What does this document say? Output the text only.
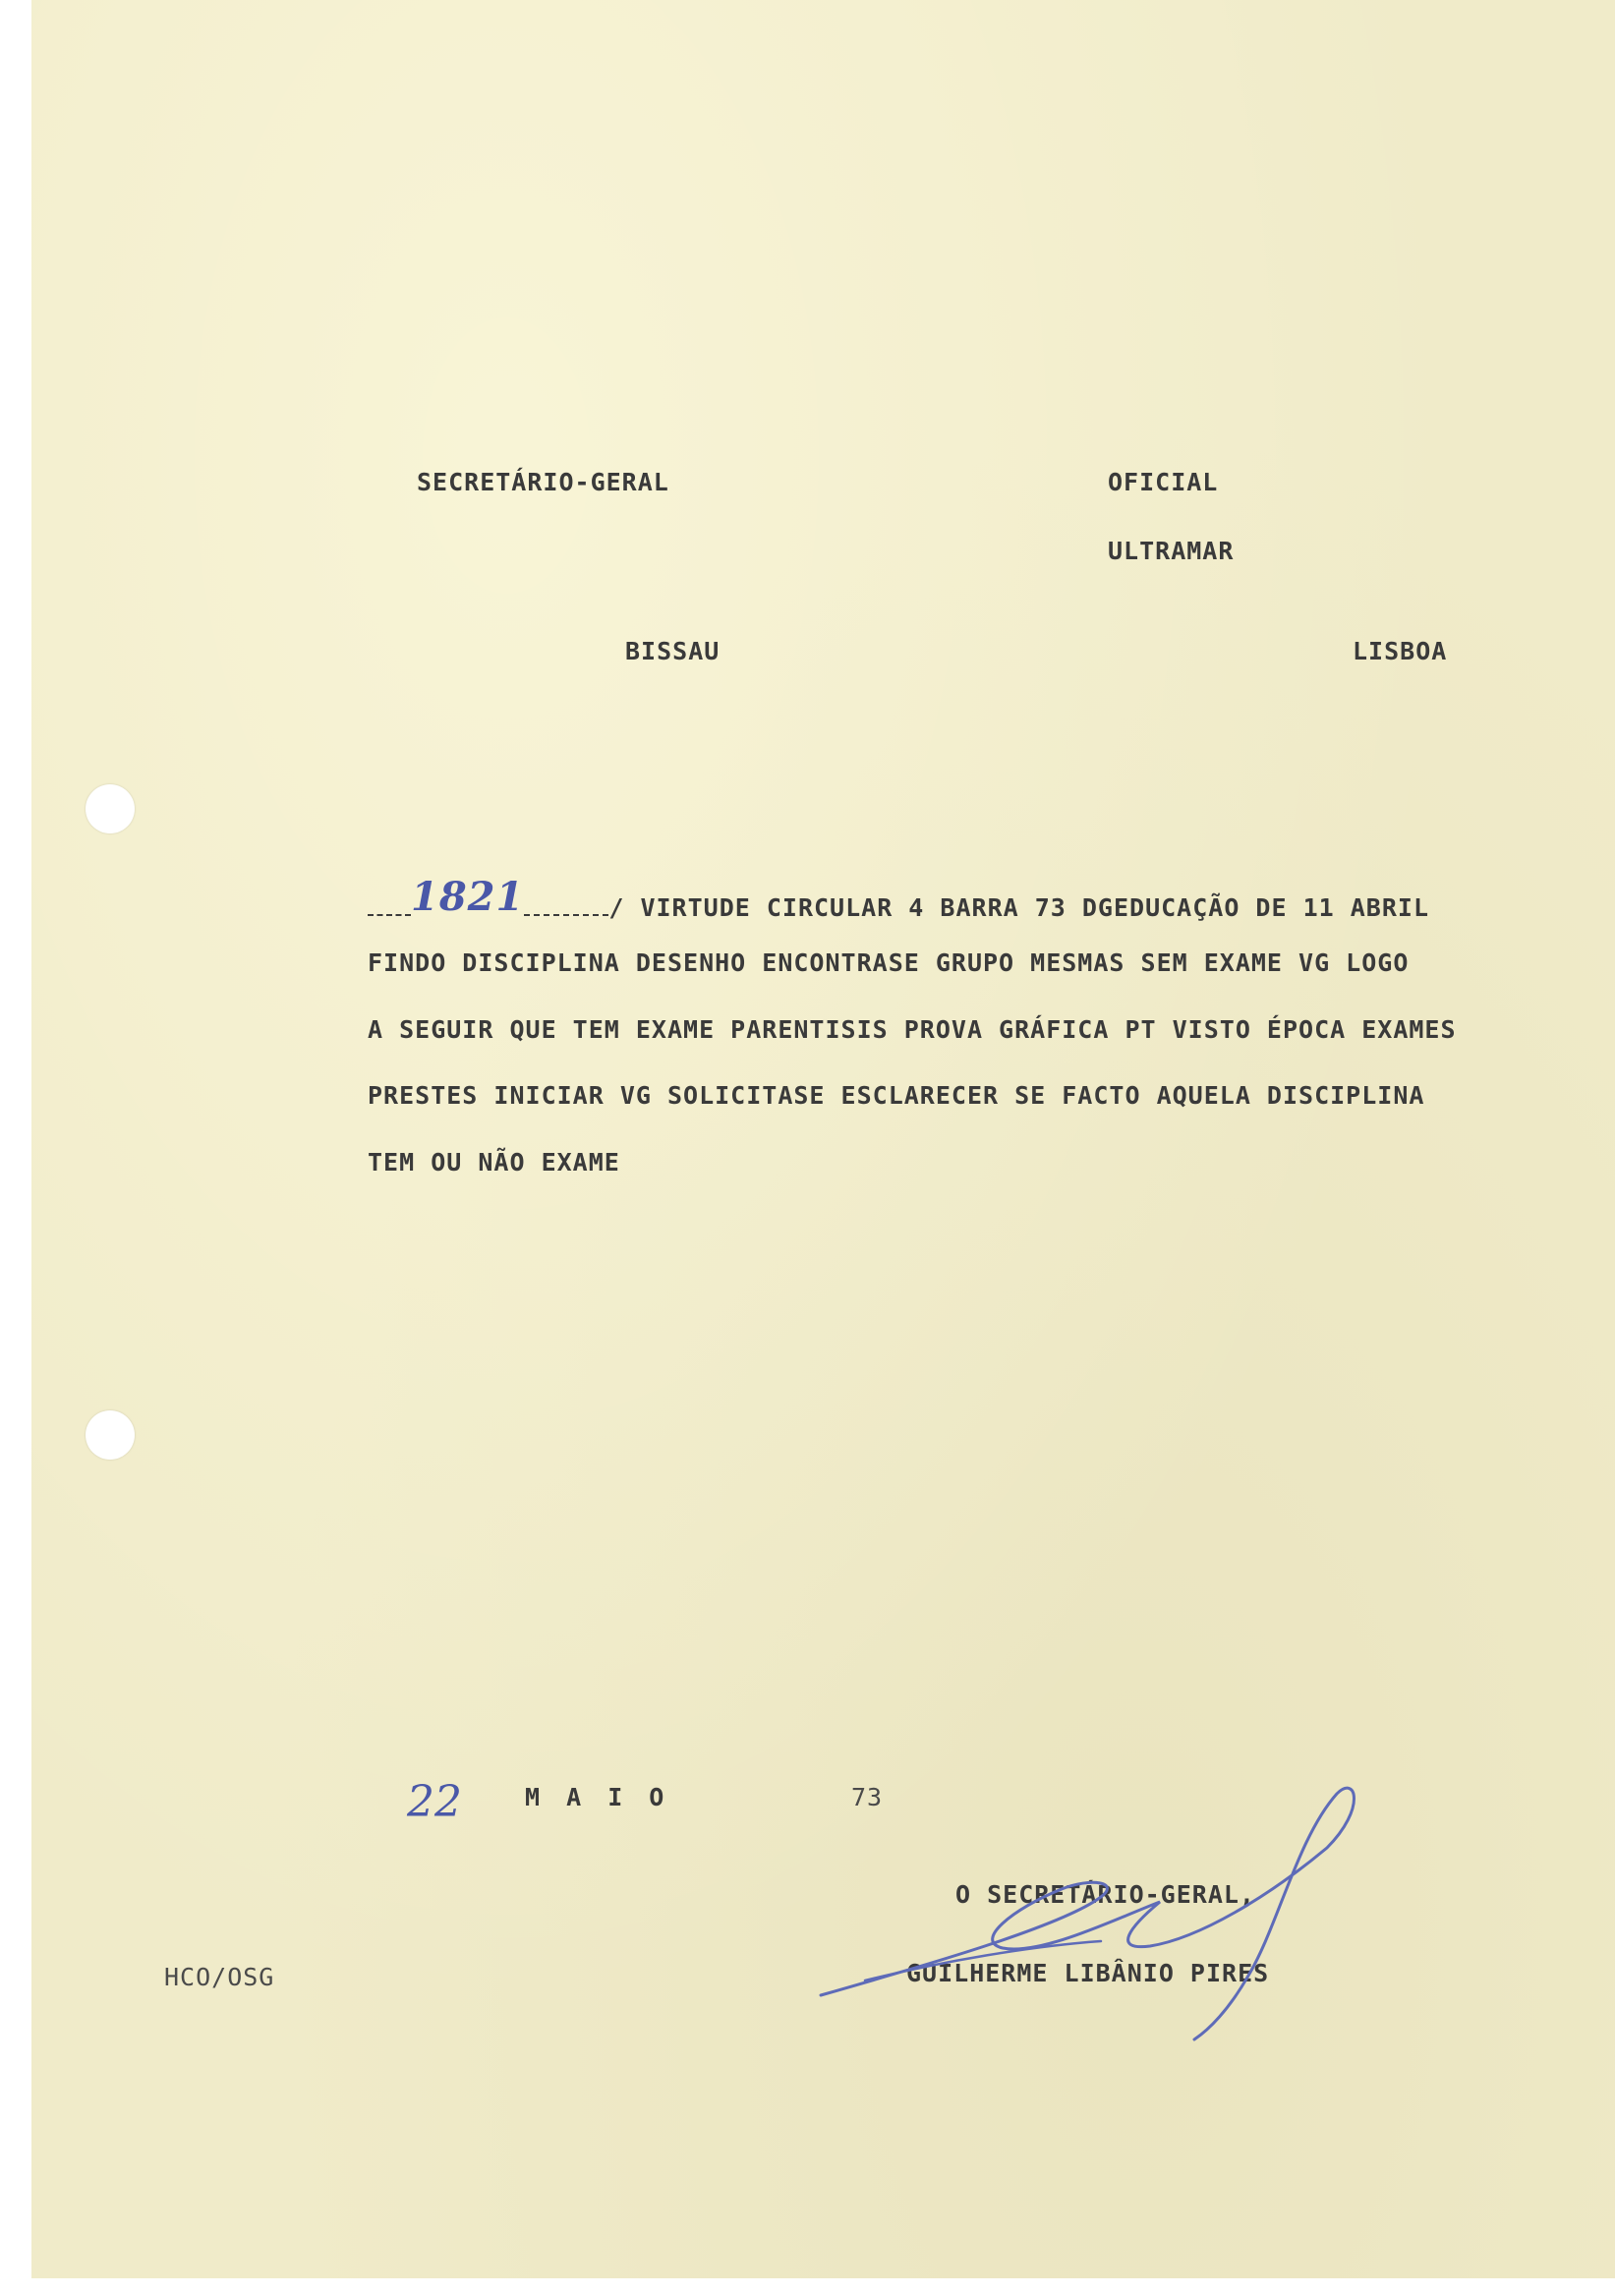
SECRETÁRIO-GERAL	OFICIAL
ULTRAMAR
BISSAU	LISBOA
1821	/ VIRTUDE CIRCULAR 4 BARRA 73 DGEDUCAÇÃO DE 11 ABRIL
FINDO DISCIPLINA DESENHO ENCONTRASE GRUPO MESMAS SEM EXAME VG LOGO
A SEGUIR QUE TEM EXAME PARENTISIS PROVA GRÁFICA PT VISTO ÉPOCA EXAMES
PRESTES INICIAR VG SOLICITASE ESCLARECER SE FACTO AQUELA DISCIPLINA
TEM OU NÃO EXAME
22	M A I O	73
O SECRETÁRIO-GERAL,
GUILHERME LIBÂNIO PIRES
HCO/OSG
